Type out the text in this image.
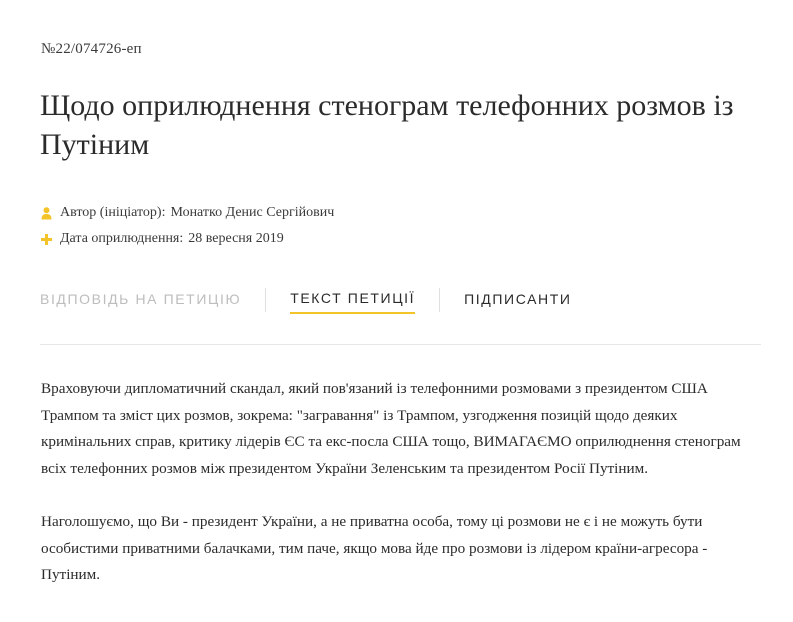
№22/074726-еп
Щодо оприлюднення стенограм телефонних розмов із Путіним
Автор (ініціатор): Монатко Денис Сергійович
Дата оприлюднення: 28 вересня 2019
ВІДПОВІДЬ НА ПЕТИЦІЮ	ТЕКСТ ПЕТИЦІЇ	ПІДПИСАНТИ

Враховуючи дипломатичний скандал, який пов'язаний із телефонними розмовами з президентом США Трампом та зміст цих розмов, зокрема: "загравання" із Трампом, узгодження позицій щодо деяких кримінальних справ, критику лідерів ЄС та екс-посла США тощо, ВИМАГАЄМО оприлюднення стенограм всіх телефонних розмов між президентом України Зеленським та президентом Росії Путіним.

Наголошуємо, що Ви - президент України, а не приватна особа, тому ці розмови не є і не можуть бути особистими приватними балачками, тим паче, якщо мова йде про розмови із лідером країни-агресора - Путіним.
